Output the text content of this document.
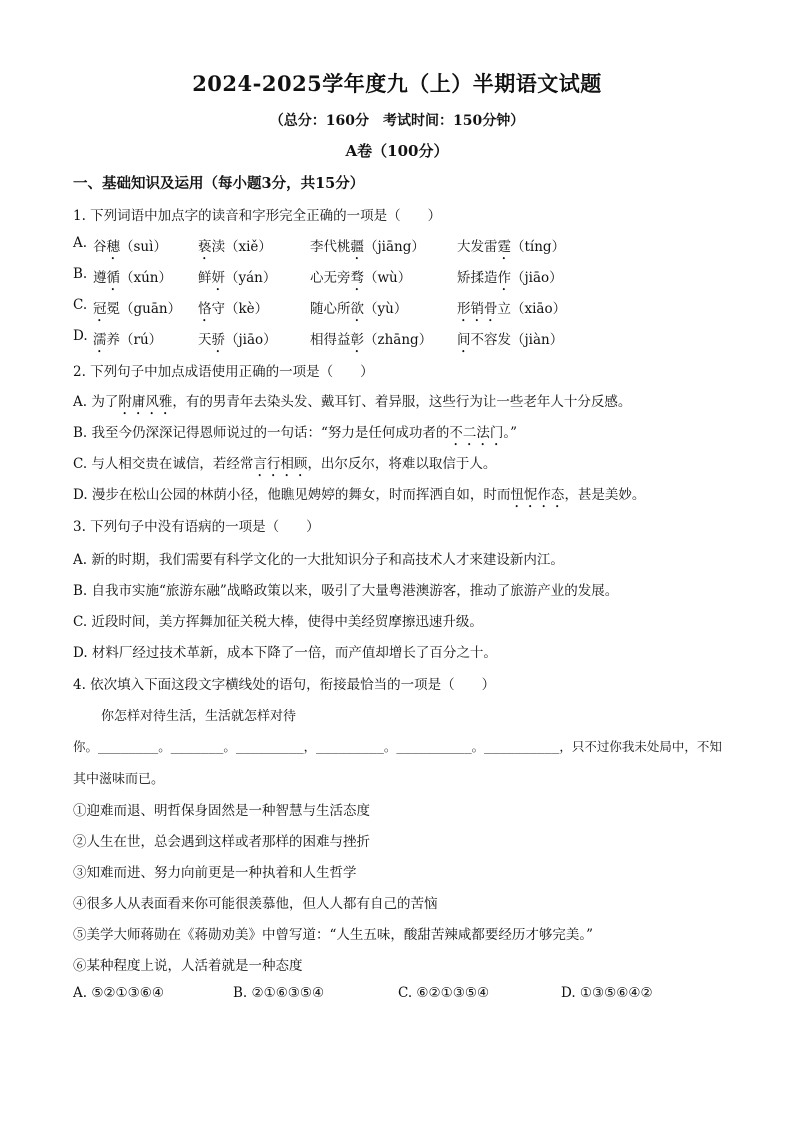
2024-2025学年度九（上）半期语文试题
（总分：160分　考试时间：150分钟）
A卷（100分）
一、基础知识及运用（每小题3分，共15分）
1. 下列词语中加点字的读音和字形完全正确的一项是（　　）
A. 谷穗（suì） 亵渎（xiě）	李代桃疆（jiāng） 大发雷霆（tíng）
B. 遵循（xún） 鲜妍（yán） 心无旁骛（wù）	矫揉造作（jiāo）
C. 冠冕（guān） 恪守（kè）	随心所欲（yù）	形销骨立（xiāo）
D. 濡养（rú）	天骄（jiāo） 相得益彰（zhāng） 间不容发（jiàn）
2. 下列句子中加点成语使用正确的一项是（　　）
A. 为了附庸风雅，有的男青年去染头发、戴耳钉、着异服，这些行为让一些老年人十分反感。
B. 我至今仍深深记得恩师说过的一句话：“努力是任何成功者的不二法门。”
C. 与人相交贵在诚信，若经常言行相顾，出尔反尔，将难以取信于人。
D. 漫步在松山公园的林荫小径，他瞧见娉婷的舞女，时而挥洒自如，时而忸怩作态，甚是美妙。
3. 下列句子中没有语病的一项是（　　）
A. 新的时期，我们需要有科学文化的一大批知识分子和高技术人才来建设新内江。
B. 自我市实施“旅游东融”战略政策以来，吸引了大量粤港澳游客，推动了旅游产业的发展。
C. 近段时间，美方挥舞加征关税大棒，使得中美经贸摩擦迅速升级。
D. 材料厂经过技术革新，成本下降了一倍，而产值却增长了百分之十。
4. 依次填入下面这段文字横线处的语句，衔接最恰当的一项是（　　）
你怎样对待生活，生活就怎样对待
你。________。_______。_________，_________。__________。__________，只不过你我未处局中，不知
其中滋味而已。
①迎难而退、明哲保身固然是一种智慧与生活态度
②人生在世，总会遇到这样或者那样的困难与挫折
③知难而进、努力向前更是一种执着和人生哲学
④很多人从表面看来你可能很羡慕他，但人人都有自己的苦恼
⑤美学大师蒋勋在《蒋勋劝美》中曾写道：“人生五味，酸甜苦辣咸都要经历才够完美。”
⑥某种程度上说，人活着就是一种态度
A. ⑤②①③⑥④	B. ②①⑥③⑤④	C. ⑥②①③⑤④	D. ①③⑤⑥④②
